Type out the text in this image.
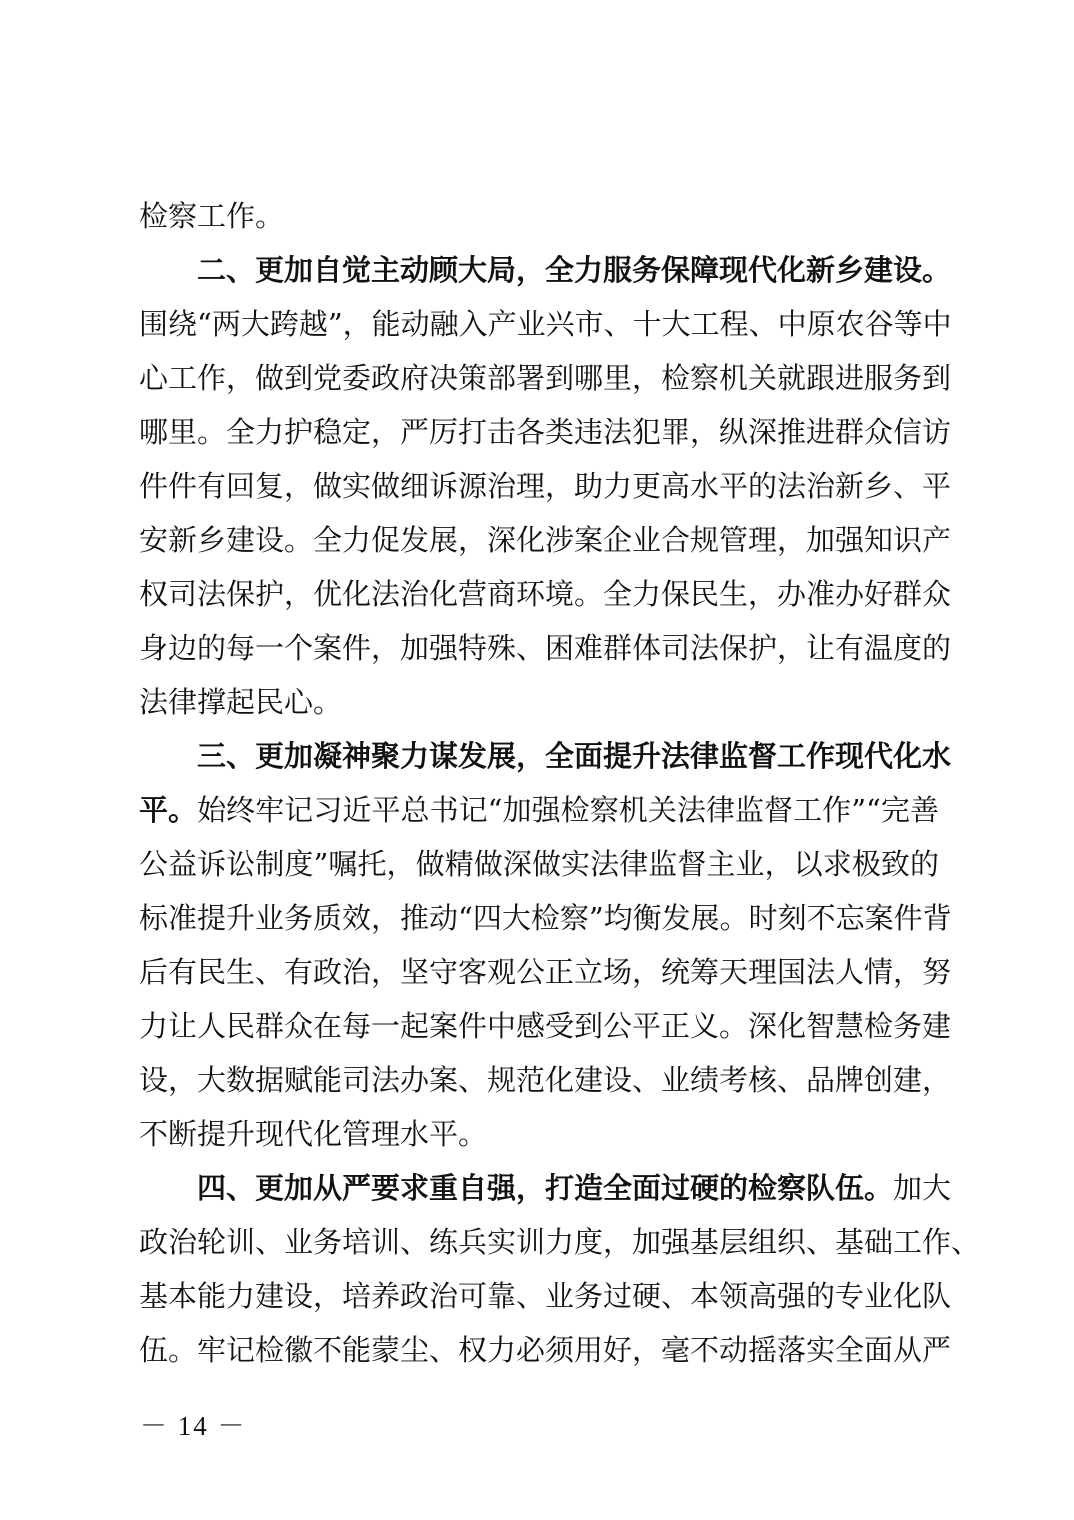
检察工作。
二、更加自觉主动顾大局，全力服务保障现代化新乡建设。
围绕“两大跨越”，能动融入产业兴市、十大工程、中原农谷等中
心工作，做到党委政府决策部署到哪里，检察机关就跟进服务到
哪里。全力护稳定，严厉打击各类违法犯罪，纵深推进群众信访
件件有回复，做实做细诉源治理，助力更高水平的法治新乡、平
安新乡建设。全力促发展，深化涉案企业合规管理，加强知识产
权司法保护，优化法治化营商环境。全力保民生，办准办好群众
身边的每一个案件，加强特殊、困难群体司法保护，让有温度的
法律撑起民心。
三、更加凝神聚力谋发展，全面提升法律监督工作现代化水
平。始终牢记习近平总书记“加强检察机关法律监督工作”“完善
公益诉讼制度”嘱托，做精做深做实法律监督主业，以求极致的
标准提升业务质效，推动“四大检察”均衡发展。时刻不忘案件背
后有民生、有政治，坚守客观公正立场，统筹天理国法人情，努
力让人民群众在每一起案件中感受到公平正义。深化智慧检务建
设，大数据赋能司法办案、规范化建设、业绩考核、品牌创建，
不断提升现代化管理水平。
四、更加从严要求重自强，打造全面过硬的检察队伍。加大
政治轮训、业务培训、练兵实训力度，加强基层组织、基础工作、
基本能力建设，培养政治可靠、业务过硬、本领高强的专业化队
伍。牢记检徽不能蒙尘、权力必须用好，毫不动摇落实全面从严
－ 14 －
